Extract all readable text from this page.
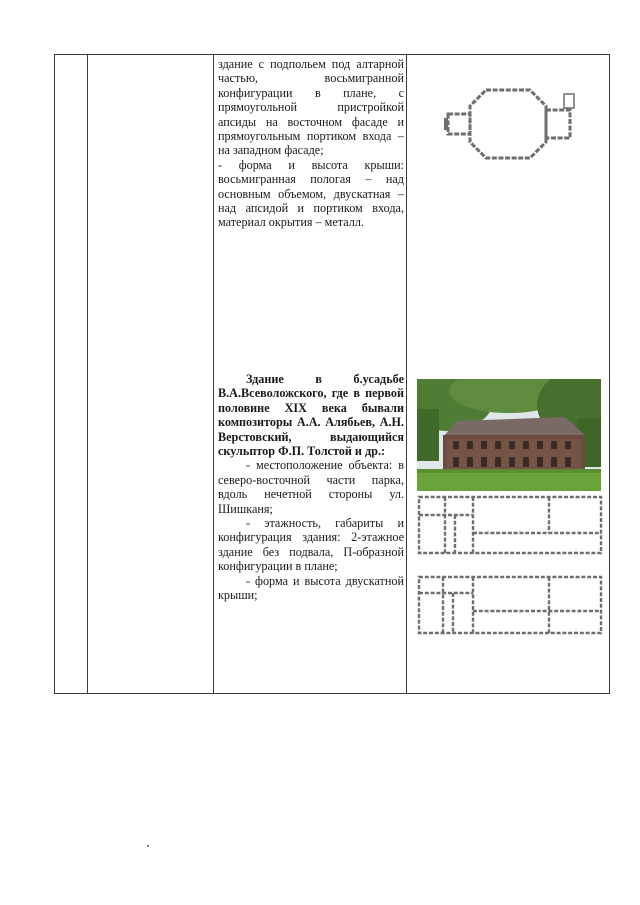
здание с подпольем под алтарной частью, восьмигранной конфигурации в плане, с прямоугольной пристройкой апсиды на восточном фасаде и прямоугольным портиком входа – на западном фасаде;

- форма и высота крыши: восьмигранная пологая – над основным объемом, двускатная – над апсидой и портиком входа, материал окрытия – металл.

Здание в б.усадьбе В.А.Всеволожского, где в первой половине XIX века бывали композиторы А.А. Алябьев, А.Н. Верстовский, выдающийся скульптор Ф.П. Толстой и др.:

- местоположение объекта: в северо-восточной части парка, вдоль нечетной стороны ул. Шишканя;

- этажность, габариты и конфигурация здания: 2-этажное здание без подвала, П-образной конфигурации в плане;

- форма и высота двускатной крыши;
